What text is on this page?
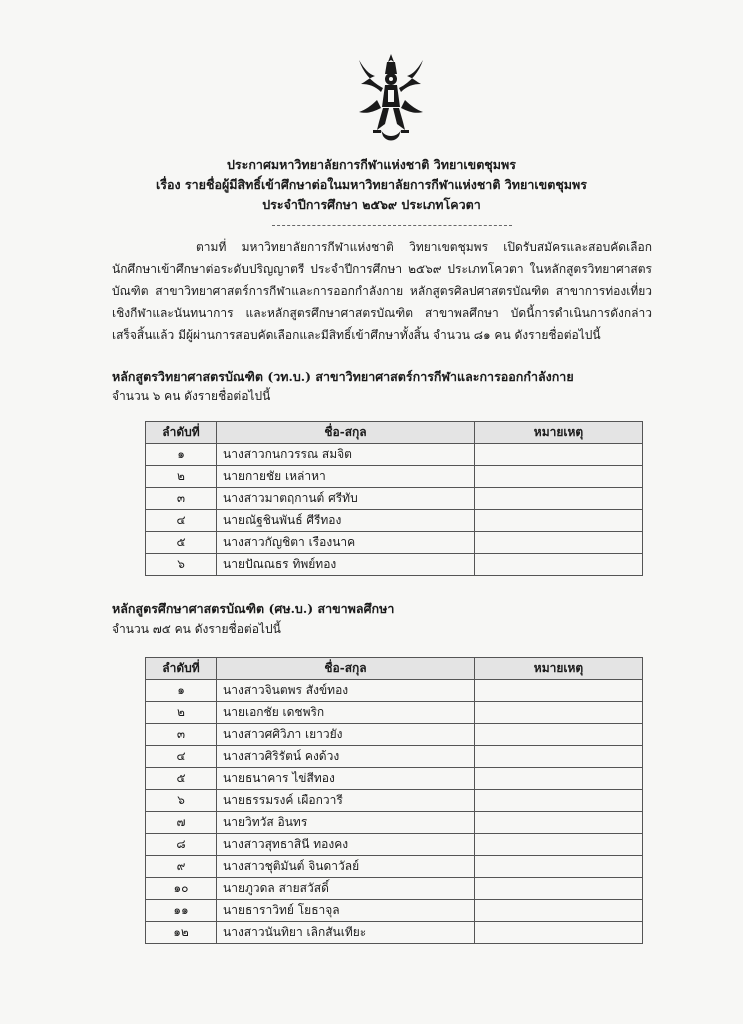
ประกาศมหาวิทยาลัยการกีฬาแห่งชาติ วิทยาเขตชุมพร
เรื่อง รายชื่อผู้มีสิทธิ์เข้าศึกษาต่อในมหาวิทยาลัยการกีฬาแห่งชาติ วิทยาเขตชุมพร
ประจำปีการศึกษา ๒๕๖๙ ประเภทโควตา
ตามที่ มหาวิทยาลัยการกีฬาแห่งชาติ วิทยาเขตชุมพร เปิดรับสมัครและสอบคัดเลือกนักศึกษาเข้าศึกษาต่อระดับปริญญาตรี ประจำปีการศึกษา ๒๕๖๙ ประเภทโควตา ในหลักสูตรวิทยาศาสตรบัณฑิต สาขาวิทยาศาสตร์การกีฬาและการออกกำลังกาย หลักสูตรศิลปศาสตรบัณฑิต สาขาการท่องเที่ยวเชิงกีฬาและนันทนาการ และหลักสูตรศึกษาศาสตรบัณฑิต สาขาพลศึกษา บัดนี้การดำเนินการดังกล่าวเสร็จสิ้นแล้ว มีผู้ผ่านการสอบคัดเลือกและมีสิทธิ์เข้าศึกษาทั้งสิ้น จำนวน ๘๑ คน ดังรายชื่อต่อไปนี้
หลักสูตรวิทยาศาสตรบัณฑิต (วท.บ.) สาขาวิทยาศาสตร์การกีฬาและการออกกำลังกาย
จำนวน ๖ คน ดังรายชื่อต่อไปนี้
ลำดับที่	ชื่อ-สกุล	หมายเหตุ
๑	นางสาวกนกวรรณ สมจิต	
๒	นายกายชัย เหล่าหา	
๓	นางสาวมาตฤกานต์ ศรีทับ	
๔	นายณัฐชินพันธ์ ศีรีทอง	
๕	นางสาวกัญชิตา เรืองนาค	
๖	นายปัณณธร ทิพย์ทอง	
หลักสูตรศึกษาศาสตรบัณฑิต (ศษ.บ.) สาขาพลศึกษา
จำนวน ๗๕ คน ดังรายชื่อต่อไปนี้
ลำดับที่	ชื่อ-สกุล	หมายเหตุ
๑	นางสาวจินตพร สังข์ทอง	
๒	นายเอกชัย เดชพริก	
๓	นางสาวศศิวิภา เยาวยัง	
๔	นางสาวศิริรัตน์ คงด้วง	
๕	นายธนาคาร ไข่สีทอง	
๖	นายธรรมรงค์ เผือกวารี	
๗	นายวิทวัส อินทร	
๘	นางสาวสุทธาสินี ทองคง	
๙	นางสาวชุติมันต์ จินดาวัลย์	
๑๐	นายภูวดล สายสวัสดิ์	
๑๑	นายธาราวิทย์ โยธาจุล	
๑๒	นางสาวนันทิยา เลิกสันเทียะ	
